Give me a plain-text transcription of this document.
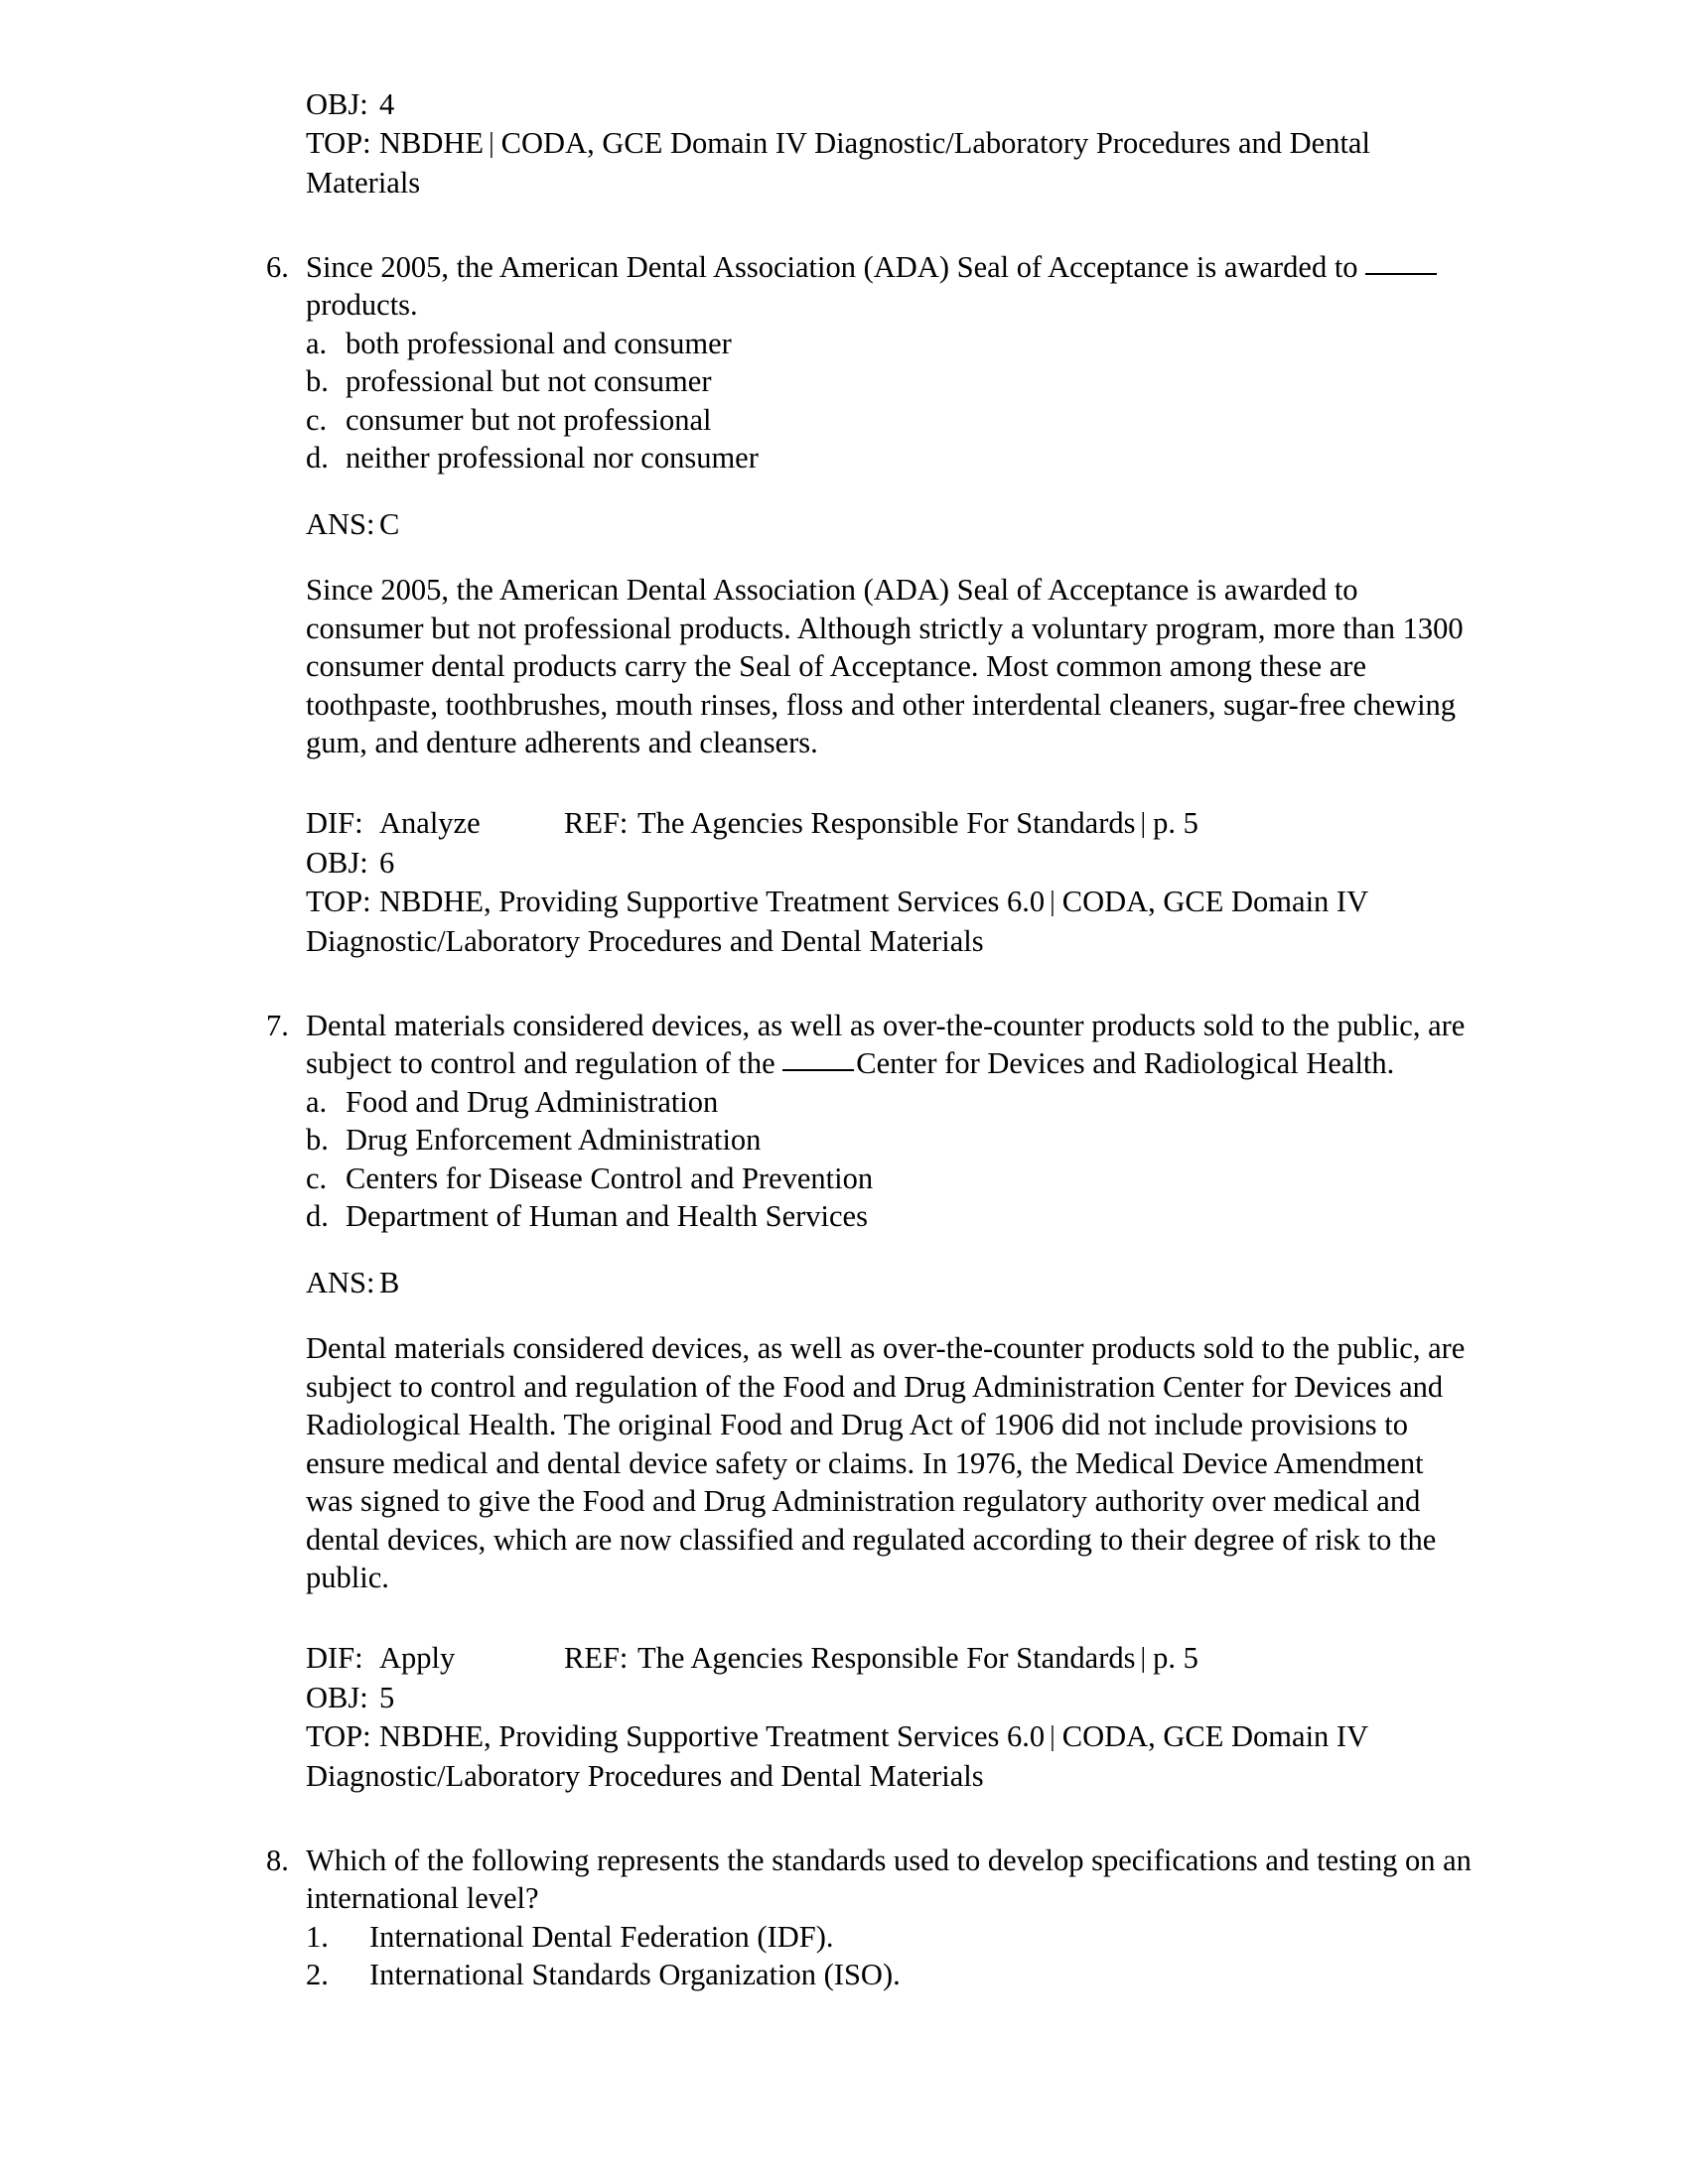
OBJ: 4
TOP: NBDHE | CODA, GCE Domain IV Diagnostic/Laboratory Procedures and Dental Materials
6. Since 2005, the American Dental Association (ADA) Seal of Acceptance is awarded to products.
a. both professional and consumer
b. professional but not consumer
c. consumer but not professional
d. neither professional nor consumer
ANS: C
Since 2005, the American Dental Association (ADA) Seal of Acceptance is awarded to consumer but not professional products. Although strictly a voluntary program, more than 1300 consumer dental products carry the Seal of Acceptance. Most common among these are toothpaste, toothbrushes, mouth rinses, floss and other interdental cleaners, sugar-free chewing gum, and denture adherents and cleansers.
DIF: Analyze	REF: The Agencies Responsible For Standards | p. 5
OBJ: 6
TOP: NBDHE, Providing Supportive Treatment Services 6.0 | CODA, GCE Domain IV Diagnostic/Laboratory Procedures and Dental Materials
7. Dental materials considered devices, as well as over-the-counter products sold to the public, are subject to control and regulation of the	Center for Devices and Radiological Health.
a. Food and Drug Administration
b. Drug Enforcement Administration
c. Centers for Disease Control and Prevention
d. Department of Human and Health Services
ANS: B
Dental materials considered devices, as well as over-the-counter products sold to the public, are subject to control and regulation of the Food and Drug Administration Center for Devices and Radiological Health. The original Food and Drug Act of 1906 did not include provisions to ensure medical and dental device safety or claims. In 1976, the Medical Device Amendment was signed to give the Food and Drug Administration regulatory authority over medical and dental devices, which are now classified and regulated according to their degree of risk to the public.
DIF: Apply	REF: The Agencies Responsible For Standards | p. 5
OBJ: 5
TOP: NBDHE, Providing Supportive Treatment Services 6.0 | CODA, GCE Domain IV Diagnostic/Laboratory Procedures and Dental Materials
8. Which of the following represents the standards used to develop specifications and testing on an international level?
1.	International Dental Federation (IDF).
2.	International Standards Organization (ISO).
